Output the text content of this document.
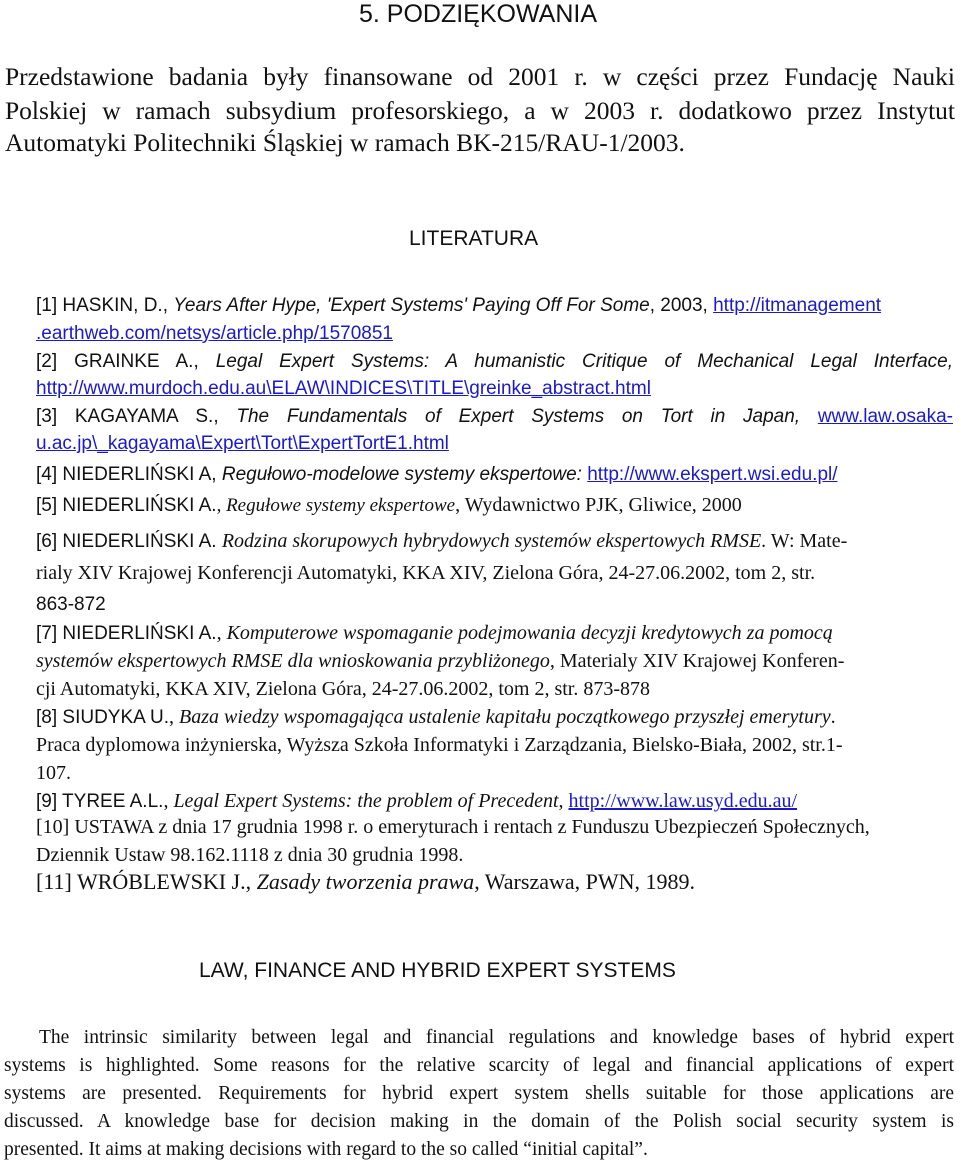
5. PODZIĘKOWANIA
Przedstawione badania były finansowane od 2001 r. w części przez Fundację Nauki
Polskiej w ramach subsydium profesorskiego, a w 2003 r. dodatkowo przez Instytut
Automatyki Politechniki Śląskiej w ramach BK-215/RAU-1/2003.
LITERATURA
[1] HASKIN, D., Years After Hype, 'Expert Systems' Paying Off For Some, 2003, http://itmanagement
.earthweb.com/netsys/article.php/1570851
[2] GRAINKE A., Legal Expert Systems: A humanistic Critique of Mechanical Legal Interface,
http://www.murdoch.edu.au\ELAW\INDICES\TITLE\greinke_abstract.html
[3] KAGAYAMA S., The Fundamentals of Expert Systems on Tort in Japan, www.law.osaka-
u.ac.jp\_kagayama\Expert\Tort\ExpertTortE1.html
[4] NIEDERLIŃSKI A, Regułowo-modelowe systemy ekspertowe: http://www.ekspert.wsi.edu.pl/
[5] NIEDERLIŃSKI A., Regułowe systemy ekspertowe, Wydawnictwo PJK, Gliwice, 2000
[6] NIEDERLIŃSKI A. Rodzina skorupowych hybrydowych systemów ekspertowych RMSE. W: Mate-
rialy XIV Krajowej Konferencji Automatyki, KKA XIV, Zielona Góra, 24-27.06.2002, tom 2, str.
863-872
[7] NIEDERLIŃSKI A., Komputerowe wspomaganie podejmowania decyzji kredytowych za pomocą
systemów ekspertowych RMSE dla wnioskowania przybliżonego, Materialy XIV Krajowej Konferen-
cji Automatyki, KKA XIV, Zielona Góra, 24-27.06.2002, tom 2, str. 873-878
[8] SIUDYKA U., Baza wiedzy wspomagająca ustalenie kapitału początkowego przyszłej emerytury.
Praca dyplomowa inżynierska, Wyższa Szkoła Informatyki i Zarządzania, Bielsko-Biała, 2002, str.1-
107.
[9] TYREE A.L., Legal Expert Systems: the problem of Precedent, http://www.law.usyd.edu.au/
[10] USTAWA z dnia 17 grudnia 1998 r. o emeryturach i rentach z Funduszu Ubezpieczeń Społecznych,
Dziennik Ustaw 98.162.1118 z dnia 30 grudnia 1998.
[11] WRÓBLEWSKI J., Zasady tworzenia prawa, Warszawa, PWN, 1989.
LAW, FINANCE AND HYBRID EXPERT SYSTEMS
The intrinsic similarity between legal and financial regulations and knowledge bases of hybrid expert
systems is highlighted. Some reasons for the relative scarcity of legal and financial applications of expert
systems are presented. Requirements for hybrid expert system shells suitable for those applications are
discussed. A knowledge base for decision making in the domain of the Polish social security system is
presented. It aims at making decisions with regard to the so called “initial capital”.
